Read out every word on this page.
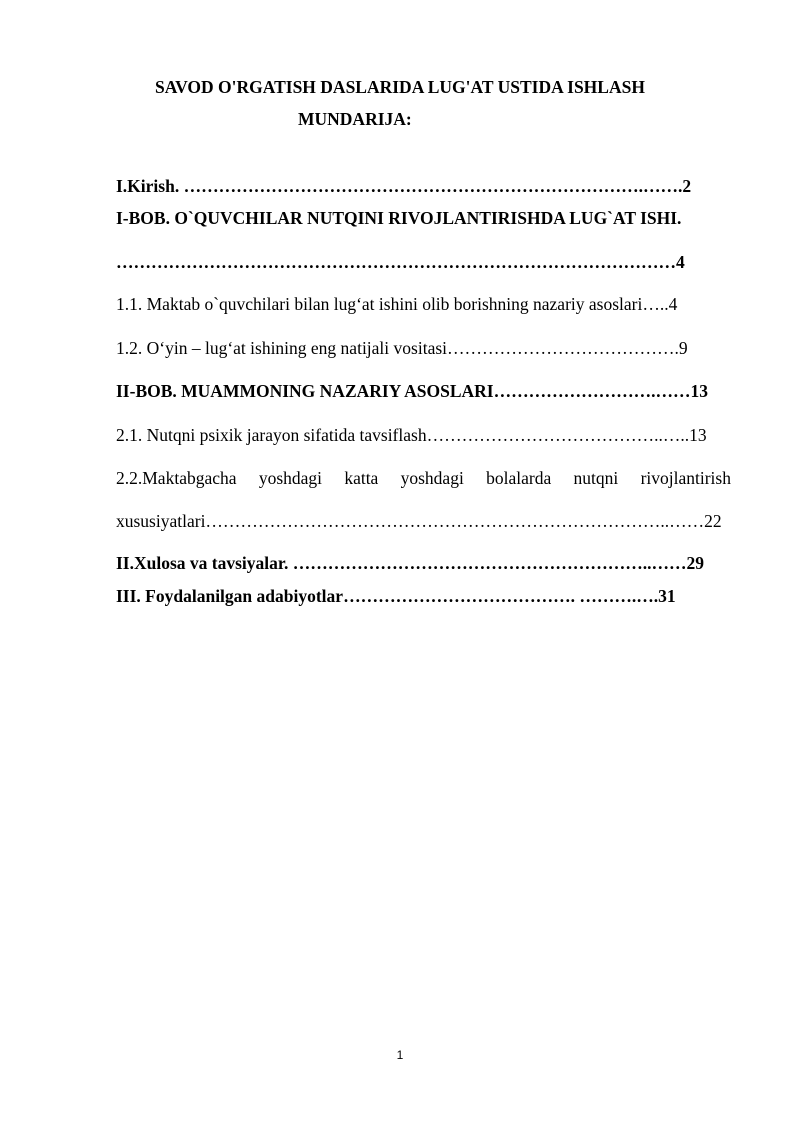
SAVOD O'RGATISH DASLARIDA LUG'AT USTIDA ISHLASH
MUNDARIJA:
I.Kirish. …………………………………………………………………….…….2
I-BOB. O`QUVCHILAR NUTQINI RIVOJLANTIRISHDA LUG`AT ISHI.
……………………………………………………………………………………4
1.1. Maktab o`quvchilari bilan lug‘at ishini olib borishning nazariy asoslari…..4
1.2. O‘yin – lug‘at ishining eng natijali vositasi………………………………….9
II-BOB. MUAMMONING NAZARIY ASOSLARI……………………….……13
2.1. Nutqni psixik jarayon sifatida tavsiflash…………………………………..…..13
2.2.Maktabgacha yoshdagi katta yoshdagi bolalarda nutqni rivojlantirish
xususiyatlari……………………………………………………………………..……22
II.Xulosa va tavsiyalar. ……………………………………………………..……29
III. Foydalanilgan adabiyotlar…………………………………. ……….….31
1
